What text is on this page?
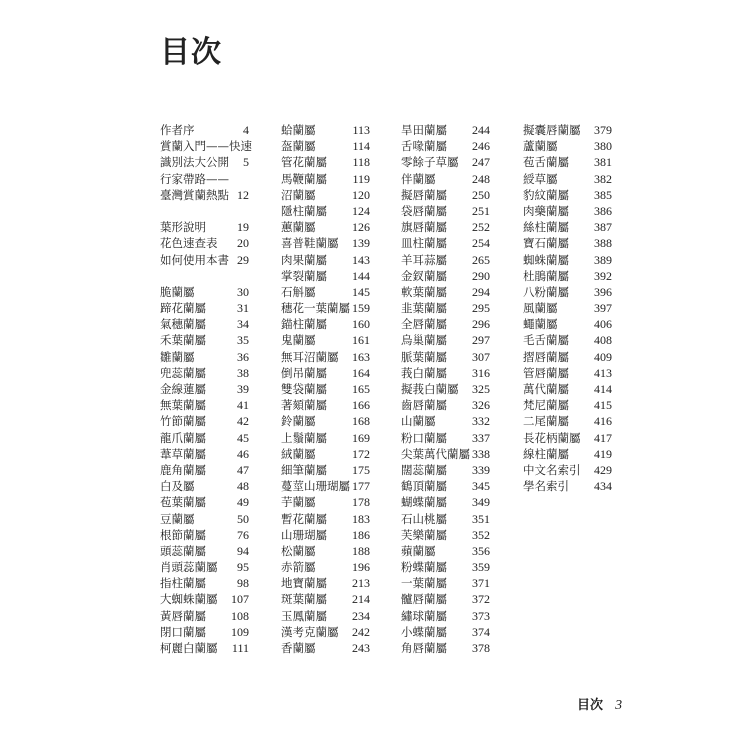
目次
作者序	4
賞蘭入門——快速
識別法大公開 5
行家帶路——
臺灣賞蘭熱點 12
葉形說明	19
花色速查表 20
如何使用本書 29
脆蘭屬	30
蹄花蘭屬	31
氣穗蘭屬	34
禾葉蘭屬	35
雛蘭屬	36
兜蕊蘭屬	38
金線蓮屬	39
無葉蘭屬	41
竹節蘭屬	42
龍爪蘭屬	45
葦草蘭屬	46
鹿角蘭屬	47
白及屬	48
苞葉蘭屬	49
豆蘭屬	50
根節蘭屬	76
頭蕊蘭屬	94
肖頭蕊蘭屬 95
指柱蘭屬	98
大蜘蛛蘭屬 107
黃唇蘭屬 108
閉口蘭屬 109
柯麗白蘭屬 111
蛤蘭屬	113
盔蘭屬	114
管花蘭屬 118
馬鞭蘭屬 119
沼蘭屬	120
隱柱蘭屬 124
蕙蘭屬	126
喜普鞋蘭屬 139
肉果蘭屬 143
掌裂蘭屬 144
石斛屬	145
穗花一葉蘭屬 159
錨柱蘭屬 160
鬼蘭屬	161
無耳沼蘭屬 163
倒吊蘭屬 164
雙袋蘭屬 165
著頦蘭屬 166
鈴蘭屬	168
上鬚蘭屬 169
絨蘭屬	172
細筆蘭屬 175
蔓莖山珊瑚屬 177
芋蘭屬	178
暫花蘭屬 183
山珊瑚屬 186
松蘭屬	188
赤箭屬	196
地寶蘭屬 213
斑葉蘭屬 214
玉鳳蘭屬 234
漢考克蘭屬 242
香蘭屬	243
旱田蘭屬 244
舌喙蘭屬 246
零餘子草屬 247
伴蘭屬	248
擬唇蘭屬 250
袋唇蘭屬 251
旗唇蘭屬 252
皿柱蘭屬 254
羊耳蒜屬 265
金釵蘭屬 290
軟葉蘭屬 294
韭葉蘭屬 295
全唇蘭屬 296
烏巢蘭屬 297
脈葉蘭屬 307
莪白蘭屬 316
擬莪白蘭屬 325
齒唇蘭屬 326
山蘭屬	332
粉口蘭屬 337
尖葉萬代蘭屬 338
闊蕊蘭屬 339
鶴頂蘭屬 345
蝴蝶蘭屬 349
石山桃屬 351
芙樂蘭屬 352
蘋蘭屬	356
粉蝶蘭屬 359
一葉蘭屬 371
髗唇蘭屬 372
繡球蘭屬 373
小蝶蘭屬 374
角唇蘭屬 378
擬囊唇蘭屬 379
蘆蘭屬	380
苞舌蘭屬 381
綬草屬	382
豹紋蘭屬 385
肉藥蘭屬 386
絲柱蘭屬 387
寶石蘭屬 388
蜘蛛蘭屬 389
杜鵑蘭屬 392
八粉蘭屬 396
風蘭屬	397
蠅蘭屬	406
毛舌蘭屬 408
摺唇蘭屬 409
管唇蘭屬 413
萬代蘭屬 414
梵尼蘭屬 415
二尾蘭屬 416
長花柄蘭屬 417
線柱蘭屬 419
中文名索引 429
學名索引 434
目次 3
